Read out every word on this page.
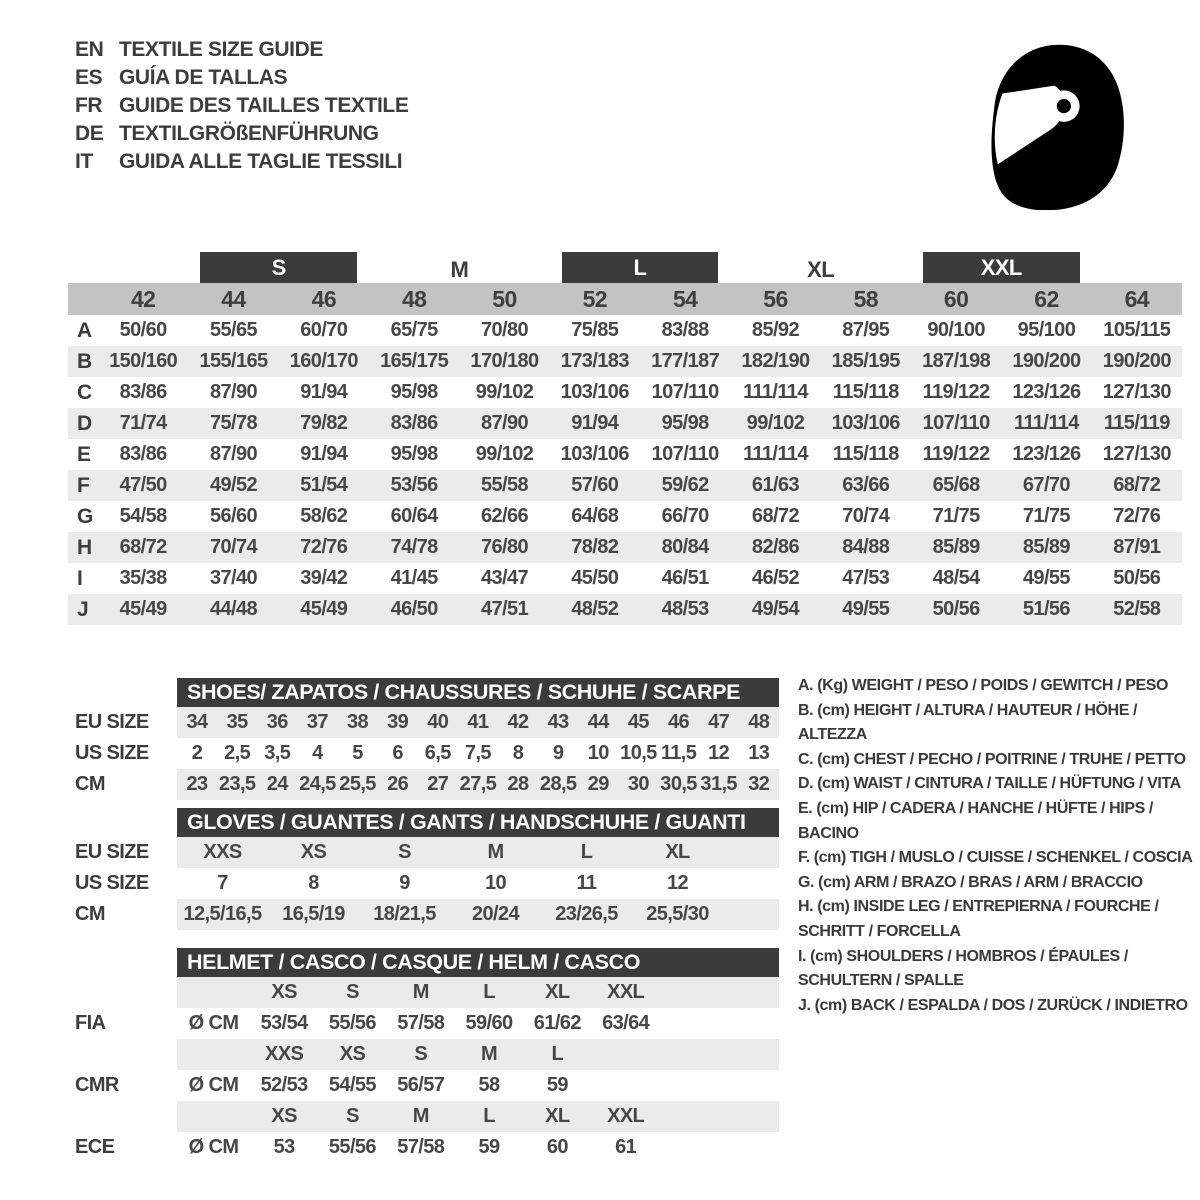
EN TEXTILE SIZE GUIDE
ES GUÍA DE TALLAS
FR GUIDE DES TAILLES TEXTILE
DE TEXTILGRÖßENFÜHRUNG
IT	GUIDA ALLE TAGLIE TESSILI

S		M		L		XL		XXL		

	42	44	46	48	50	52	54	56	58	60	62	64
A	50/60	55/65	60/70	65/75	70/80	75/85	83/88	85/92	87/95	90/100	95/100	105/115
B	150/160	155/165	160/170	165/175	170/180	173/183	177/187	182/190	185/195	187/198	190/200	190/200
C	83/86	87/90	91/94	95/98	99/102	103/106	107/110	111/114	115/118	119/122	123/126	127/130
D	71/74	75/78	79/82	83/86	87/90	91/94	95/98	99/102	103/106	107/110	111/114	115/119
E	83/86	87/90	91/94	95/98	99/102	103/106	107/110	111/114	115/118	119/122	123/126	127/130
F	47/50	49/52	51/54	53/56	55/58	57/60	59/62	61/63	63/66	65/68	67/70	68/72
G	54/58	56/60	58/62	60/64	62/66	64/68	66/70	68/72	70/74	71/75	71/75	72/76
H	68/72	70/74	72/76	74/78	76/80	78/82	80/84	82/86	84/88	85/89	85/89	87/91
I	35/38	37/40	39/42	41/45	43/47	45/50	46/51	46/52	47/53	48/54	49/55	50/56
J	45/49	44/48	45/49	46/50	47/51	48/52	48/53	49/54	49/55	50/56	51/56	52/58
SHOES/ ZAPATOS / CHAUSSURES / SCHUHE / SCARPE
EU SIZE	34 35 36 37 38 39 40 41 42 43 44 45 46 47 48
US SIZE	2	2,5 3,5	4	5	6	6,5 7,5	8	9	10 10,5 11,5 12 13
CM	23 23,5 24 24,5 25,5 26 27 27,5 28 28,5 29 30 30,5 31,5 32
GLOVES / GUANTES / GANTS / HANDSCHUHE / GUANTI
EU SIZE	XXS	XS	S	M	L	XL
US SIZE	7	8	9	10	11	12
CM	12,5/16,5	16,5/19	18/21,5	20/24	23/26,5	25,5/30
HELMET / CASCO / CASQUE / HELM / CASCO
XS	S	M	L	XL	XXL
FIA	Ø CM	53/54	55/56	57/58	59/60	61/62	63/64
XXS	XS	S	M	L
CMR	Ø CM	52/53	54/55	56/57	58	59
XS	S	M	L	XL	XXL
ECE	Ø CM	53	55/56	57/58	59	60	61
A. (Kg) WEIGHT / PESO / POIDS / GEWITCH / PESO
B. (cm) HEIGHT / ALTURA / HAUTEUR / HÖHE / ALTEZZA
C. (cm) CHEST / PECHO / POITRINE / TRUHE / PETTO
D. (cm) WAIST / CINTURA / TAILLE / HÜFTUNG / VITA
E. (cm) HIP / CADERA / HANCHE / HÜFTE / HIPS / BACINO
F. (cm) TIGH / MUSLO / CUISSE / SCHENKEL / COSCIA
G. (cm) ARM / BRAZO / BRAS / ARM / BRACCIO
H. (cm) INSIDE LEG / ENTREPIERNA / FOURCHE /
SCHRITT / FORCELLA
I. (cm) SHOULDERS / HOMBROS / ÉPAULES /
SCHULTERN / SPALLE
J. (cm) BACK / ESPALDA / DOS / ZURÜCK / INDIETRO
